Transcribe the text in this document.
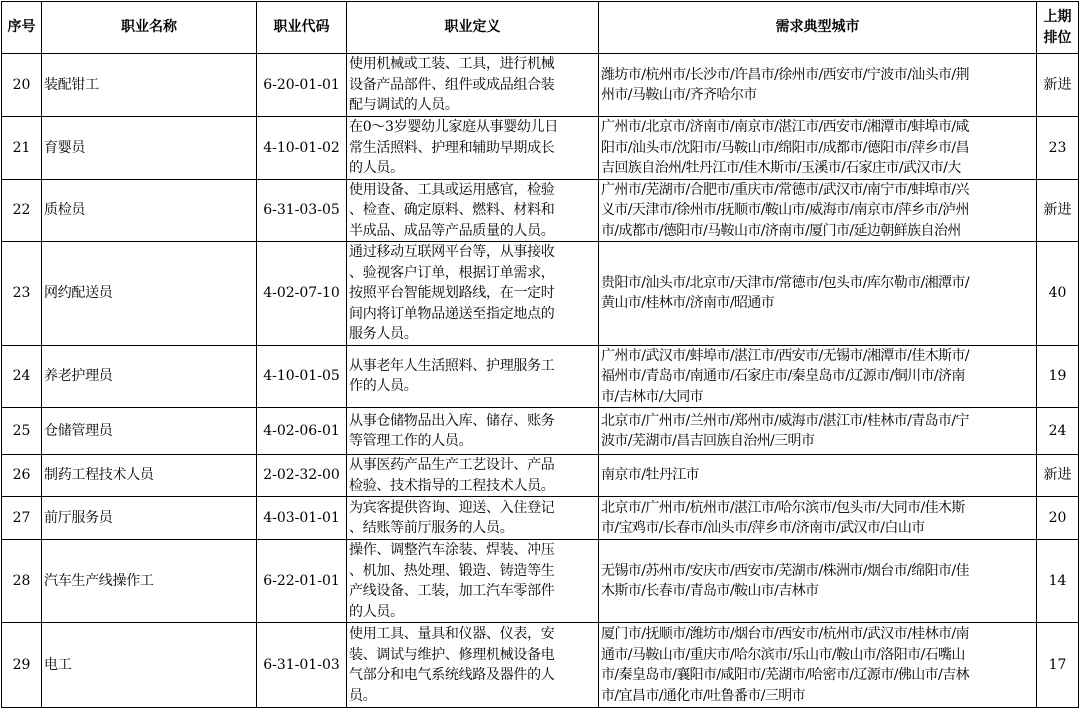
序号	职业名称	职业代码	职业定义	需求典型城市	上期
排位
20	装配钳工	6-20-01-01	使用机械或工装、工具，进行机械
设备产品部件、组件或成品组合装
配与调试的人员。	潍坊市/杭州市/长沙市/许昌市/徐州市/西安市/宁波市/汕头市/荆
州市/马鞍山市/齐齐哈尔市	新进
21	育婴员	4-10-01-02	在0～3岁婴幼儿家庭从事婴幼儿日
常生活照料、护理和辅助早期成长
的人员。	广州市/北京市/济南市/南京市/湛江市/西安市/湘潭市/蚌埠市/咸
阳市/汕头市/沈阳市/马鞍山市/绵阳市/成都市/德阳市/萍乡市/昌
吉回族自治州/牡丹江市/佳木斯市/玉溪市/石家庄市/武汉市/大	23
22	质检员	6-31-03-05	使用设备、工具或运用感官，检验
、检查、确定原料、燃料、材料和
半成品、成品等产品质量的人员。	广州市/芜湖市/合肥市/重庆市/常德市/武汉市/南宁市/蚌埠市/兴
义市/天津市/徐州市/抚顺市/鞍山市/威海市/南京市/萍乡市/泸州
市/成都市/德阳市/马鞍山市/济南市/厦门市/延边朝鲜族自治州	新进
23	网约配送员	4-02-07-10	通过移动互联网平台等，从事接收
、验视客户订单，根据订单需求，
按照平台智能规划路线，在一定时
间内将订单物品递送至指定地点的
服务人员。	贵阳市/汕头市/北京市/天津市/常德市/包头市/库尔勒市/湘潭市/
黄山市/桂林市/济南市/昭通市	40
24	养老护理员	4-10-01-05	从事老年人生活照料、护理服务工
作的人员。	广州市/武汉市/蚌埠市/湛江市/西安市/无锡市/湘潭市/佳木斯市/
福州市/青岛市/南通市/石家庄市/秦皇岛市/辽源市/铜川市/济南
市/吉林市/大同市	19
25	仓储管理员	4-02-06-01	从事仓储物品出入库、储存、账务
等管理工作的人员。	北京市/广州市/兰州市/郑州市/威海市/湛江市/桂林市/青岛市/宁
波市/芜湖市/昌吉回族自治州/三明市	24
26	制药工程技术人员	2-02-32-00	从事医药产品生产工艺设计、产品
检验、技术指导的工程技术人员。	南京市/牡丹江市	新进
27	前厅服务员	4-03-01-01	为宾客提供咨询、迎送、入住登记
、结账等前厅服务的人员。	北京市/广州市/杭州市/湛江市/哈尔滨市/包头市/大同市/佳木斯
市/宝鸡市/长春市/汕头市/萍乡市/济南市/武汉市/白山市	20
28	汽车生产线操作工	6-22-01-01	操作、调整汽车涂装、焊装、冲压
、机加、热处理、锻造、铸造等生
产线设备、工装，加工汽车零部件
的人员。	无锡市/苏州市/安庆市/西安市/芜湖市/株洲市/烟台市/绵阳市/佳
木斯市/长春市/青岛市/鞍山市/吉林市	14
29	电工	6-31-01-03	使用工具、量具和仪器、仪表，安
装、调试与维护、修理机械设备电
气部分和电气系统线路及器件的人
员。	厦门市/抚顺市/潍坊市/烟台市/西安市/杭州市/武汉市/桂林市/南
通市/马鞍山市/重庆市/哈尔滨市/乐山市/鞍山市/洛阳市/石嘴山
市/秦皇岛市/襄阳市/咸阳市/芜湖市/哈密市/辽源市/佛山市/吉林
市/宜昌市/通化市/吐鲁番市/三明市	17
